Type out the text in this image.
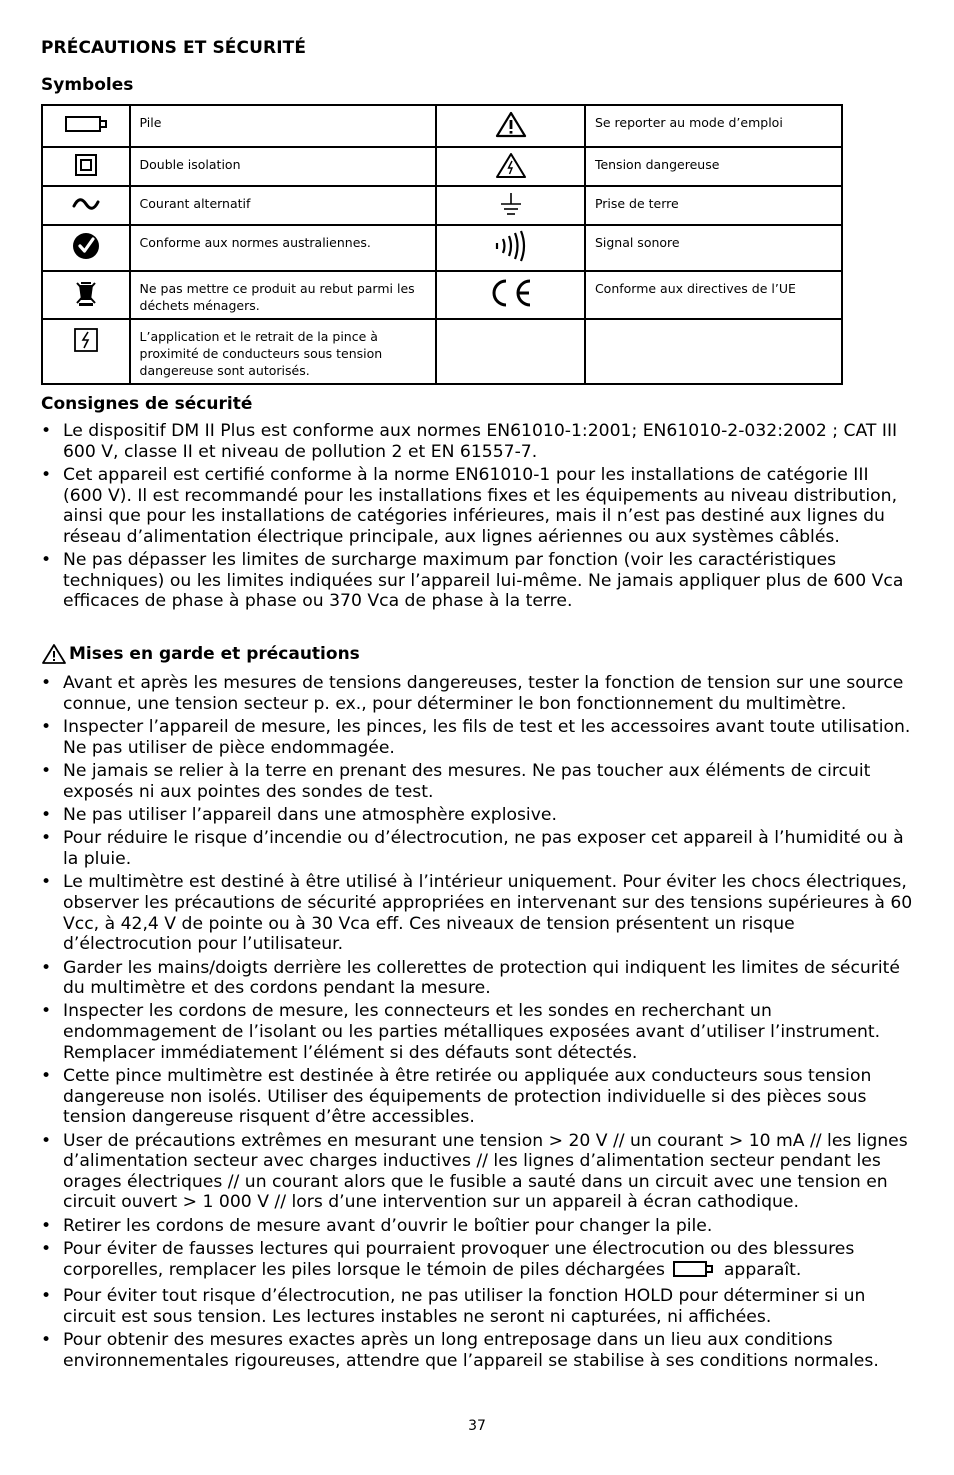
PRÉCAUTIONS ET SÉCURITÉ
Symboles
	Pile		Se reporter au mode d’emploi
	Double isolation		Tension dangereuse
	Courant alternatif		Prise de terre
	Conforme aux normes australiennes.		Signal sonore
	Ne pas mettre ce produit au rebut parmi les déchets ménagers.		Conforme aux directives de l’UE
	L’application et le retrait de la pince à proximité de conducteurs sous tension dangereuse sont autorisés.		
Consignes de sécurité
• Le dispositif DM II Plus est conforme aux normes EN61010-1:2001; EN61010-2-032:2002 ; CAT III 600 V, classe II et niveau de pollution 2 et EN 61557-7.
• Cet appareil est certifié conforme à la norme EN61010-1 pour les installations de catégorie III (600 V). Il est recommandé pour les installations fixes et les équipements au niveau distribution, ainsi que pour les installations de catégories inférieures, mais il n’est pas destiné aux lignes du réseau d’alimentation électrique principale, aux lignes aériennes ou aux systèmes câblés.
• Ne pas dépasser les limites de surcharge maximum par fonction (voir les caractéristiques techniques) ou les limites indiquées sur l’appareil lui-même. Ne jamais appliquer plus de 600 Vca efficaces de phase à phase ou 370 Vca de phase à la terre.
Mises en garde et précautions
• Avant et après les mesures de tensions dangereuses, tester la fonction de tension sur une source connue, une tension secteur p. ex., pour déterminer le bon fonctionnement du multimètre.
• Inspecter l’appareil de mesure, les pinces, les fils de test et les accessoires avant toute utilisation. Ne pas utiliser de pièce endommagée.
• Ne jamais se relier à la terre en prenant des mesures. Ne pas toucher aux éléments de circuit exposés ni aux pointes des sondes de test.
• Ne pas utiliser l’appareil dans une atmosphère explosive.
• Pour réduire le risque d’incendie ou d’électrocution, ne pas exposer cet appareil à l’humidité ou à la pluie.
• Le multimètre est destiné à être utilisé à l’intérieur uniquement. Pour éviter les chocs électriques, observer les précautions de sécurité appropriées en intervenant sur des tensions supérieures à 60 Vcc, à 42,4 V de pointe ou à 30 Vca eff. Ces niveaux de tension présentent un risque d’électrocution pour l’utilisateur.
• Garder les mains/doigts derrière les collerettes de protection qui indiquent les limites de sécurité du multimètre et des cordons pendant la mesure.
• Inspecter les cordons de mesure, les connecteurs et les sondes en recherchant un endommagement de l’isolant ou les parties métalliques exposées avant d’utiliser l’instrument. Remplacer immédiatement l’élément si des défauts sont détectés.
• Cette pince multimètre est destinée à être retirée ou appliquée aux conducteurs sous tension dangereuse non isolés. Utiliser des équipements de protection individuelle si des pièces sous tension dangereuse risquent d’être accessibles.
• User de précautions extrêmes en mesurant une tension > 20 V // un courant > 10 mA // les lignes d’alimentation secteur avec charges inductives // les lignes d’alimentation secteur pendant les orages électriques // un courant alors que le fusible a sauté dans un circuit avec une tension en circuit ouvert > 1 000 V // lors d’une intervention sur un appareil à écran cathodique.
• Retirer les cordons de mesure avant d’ouvrir le boîtier pour changer la pile.
• Pour éviter de fausses lectures qui pourraient provoquer une électrocution ou des blessures corporelles, remplacer les piles lorsque le témoin de piles déchargées	apparaît.
• Pour éviter tout risque d’électrocution, ne pas utiliser la fonction HOLD pour déterminer si un circuit est sous tension. Les lectures instables ne seront ni capturées, ni affichées.
• Pour obtenir des mesures exactes après un long entreposage dans un lieu aux conditions environnementales rigoureuses, attendre que l’appareil se stabilise à ses conditions normales.
37
